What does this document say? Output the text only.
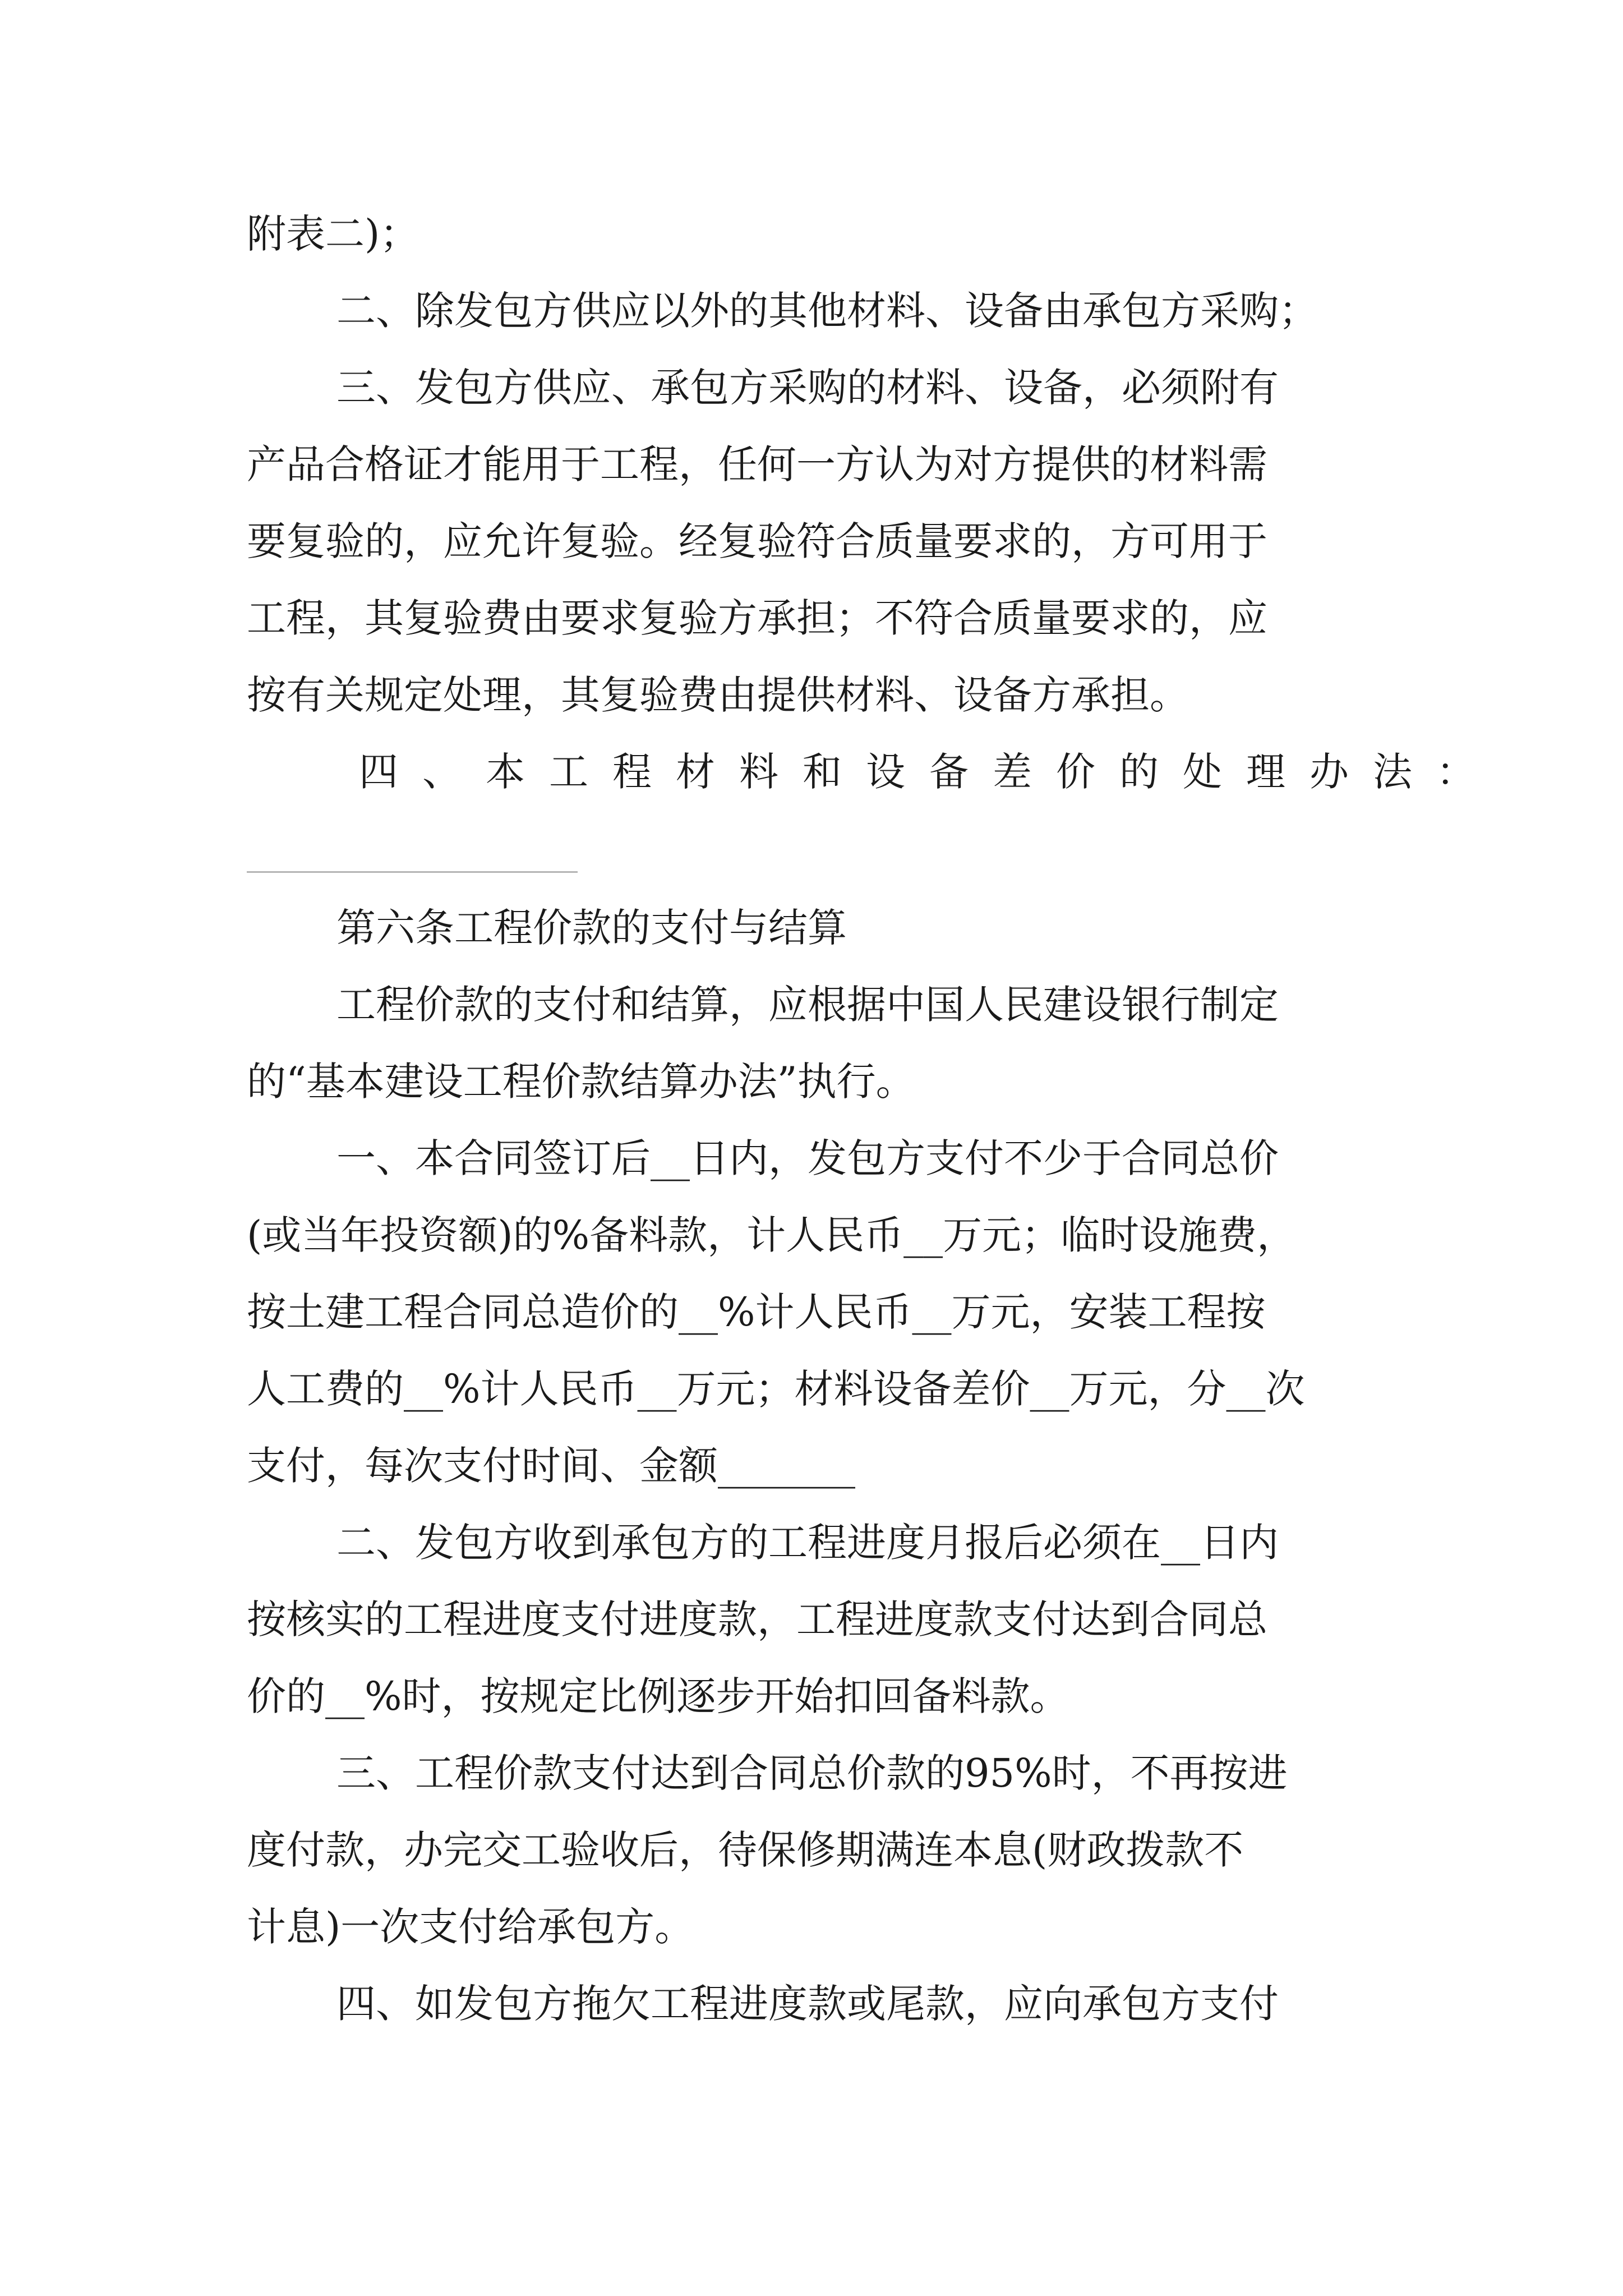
附表二)；

二、除发包方供应以外的其他材料、设备由承包方采购；

三、发包方供应、承包方采购的材料、设备，必须附有

产品合格证才能用于工程，任何一方认为对方提供的材料需

要复验的，应允许复验。经复验符合质量要求的，方可用于

工程，其复验费由要求复验方承担；不符合质量要求的，应

按有关规定处理，其复验费由提供材料、设备方承担。

四、本工程材料和设备差价的处理办法：

第六条工程价款的支付与结算

工程价款的支付和结算，应根据中国人民建设银行制定

的“基本建设工程价款结算办法”执行。

一、本合同签订后__日内，发包方支付不少于合同总价

(或当年投资额)的%备料款，计人民币__万元；临时设施费，

按土建工程合同总造价的__%计人民币__万元，安装工程按

人工费的__%计人民币__万元；材料设备差价__万元，分__次

支付，每次支付时间、金额_______

二、发包方收到承包方的工程进度月报后必须在__日内

按核实的工程进度支付进度款，工程进度款支付达到合同总

价的__%时，按规定比例逐步开始扣回备料款。

三、工程价款支付达到合同总价款的95%时，不再按进

度付款，办完交工验收后，待保修期满连本息(财政拨款不

计息)一次支付给承包方。

四、如发包方拖欠工程进度款或尾款，应向承包方支付
